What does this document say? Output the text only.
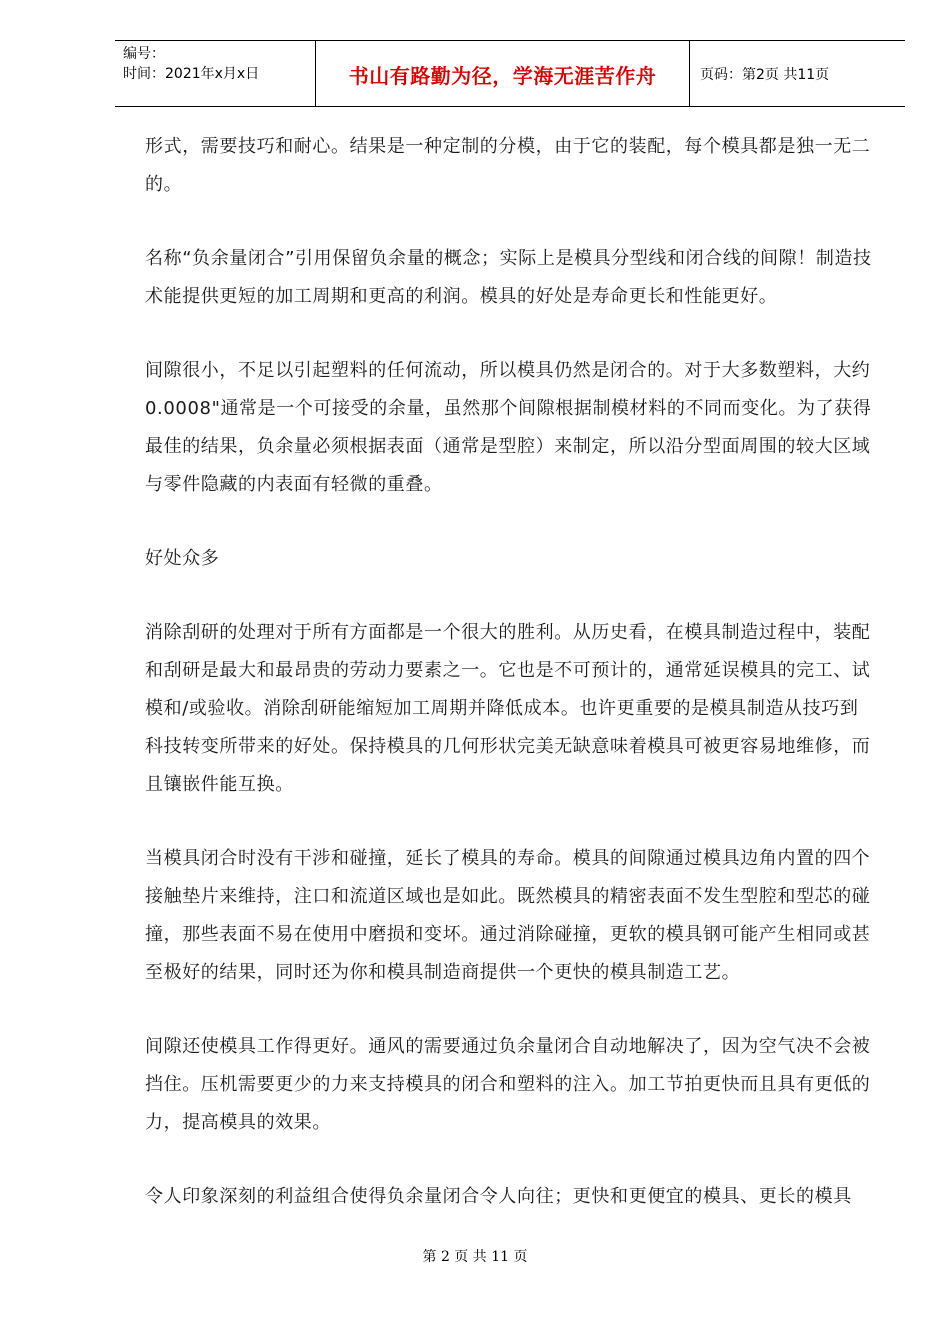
编号：
时间：2021年x月x日	书山有路勤为径，学海无涯苦作舟	页码：第2页 共11页

形式，需要技巧和耐心。结果是一种定制的分模，由于它的装配，每个模具都是独一无二的。

名称“负余量闭合”引用保留负余量的概念；实际上是模具分型线和闭合线的间隙！制造技术能提供更短的加工周期和更高的利润。模具的好处是寿命更长和性能更好。

间隙很小，不足以引起塑料的任何流动，所以模具仍然是闭合的。对于大多数塑料，大约0.0008"通常是一个可接受的余量，虽然那个间隙根据制模材料的不同而变化。为了获得最佳的结果，负余量必须根据表面（通常是型腔）来制定，所以沿分型面周围的较大区域与零件隐藏的内表面有轻微的重叠。

好处众多

消除刮研的处理对于所有方面都是一个很大的胜利。从历史看，在模具制造过程中，装配和刮研是最大和最昂贵的劳动力要素之一。它也是不可预计的，通常延误模具的完工、试模和/或验收。消除刮研能缩短加工周期并降低成本。也许更重要的是模具制造从技巧到科技转变所带来的好处。保持模具的几何形状完美无缺意味着模具可被更容易地维修，而且镶嵌件能互换。

当模具闭合时没有干涉和碰撞，延长了模具的寿命。模具的间隙通过模具边角内置的四个接触垫片来维持，注口和流道区域也是如此。既然模具的精密表面不发生型腔和型芯的碰撞，那些表面不易在使用中磨损和变坏。通过消除碰撞，更软的模具钢可能产生相同或甚至极好的结果，同时还为你和模具制造商提供一个更快的模具制造工艺。

间隙还使模具工作得更好。通风的需要通过负余量闭合自动地解决了，因为空气决不会被挡住。压机需要更少的力来支持模具的闭合和塑料的注入。加工节拍更快而且具有更低的力，提高模具的效果。

令人印象深刻的利益组合使得负余量闭合令人向往；更快和更便宜的模具、更长的模具

第 2 页 共 11 页
